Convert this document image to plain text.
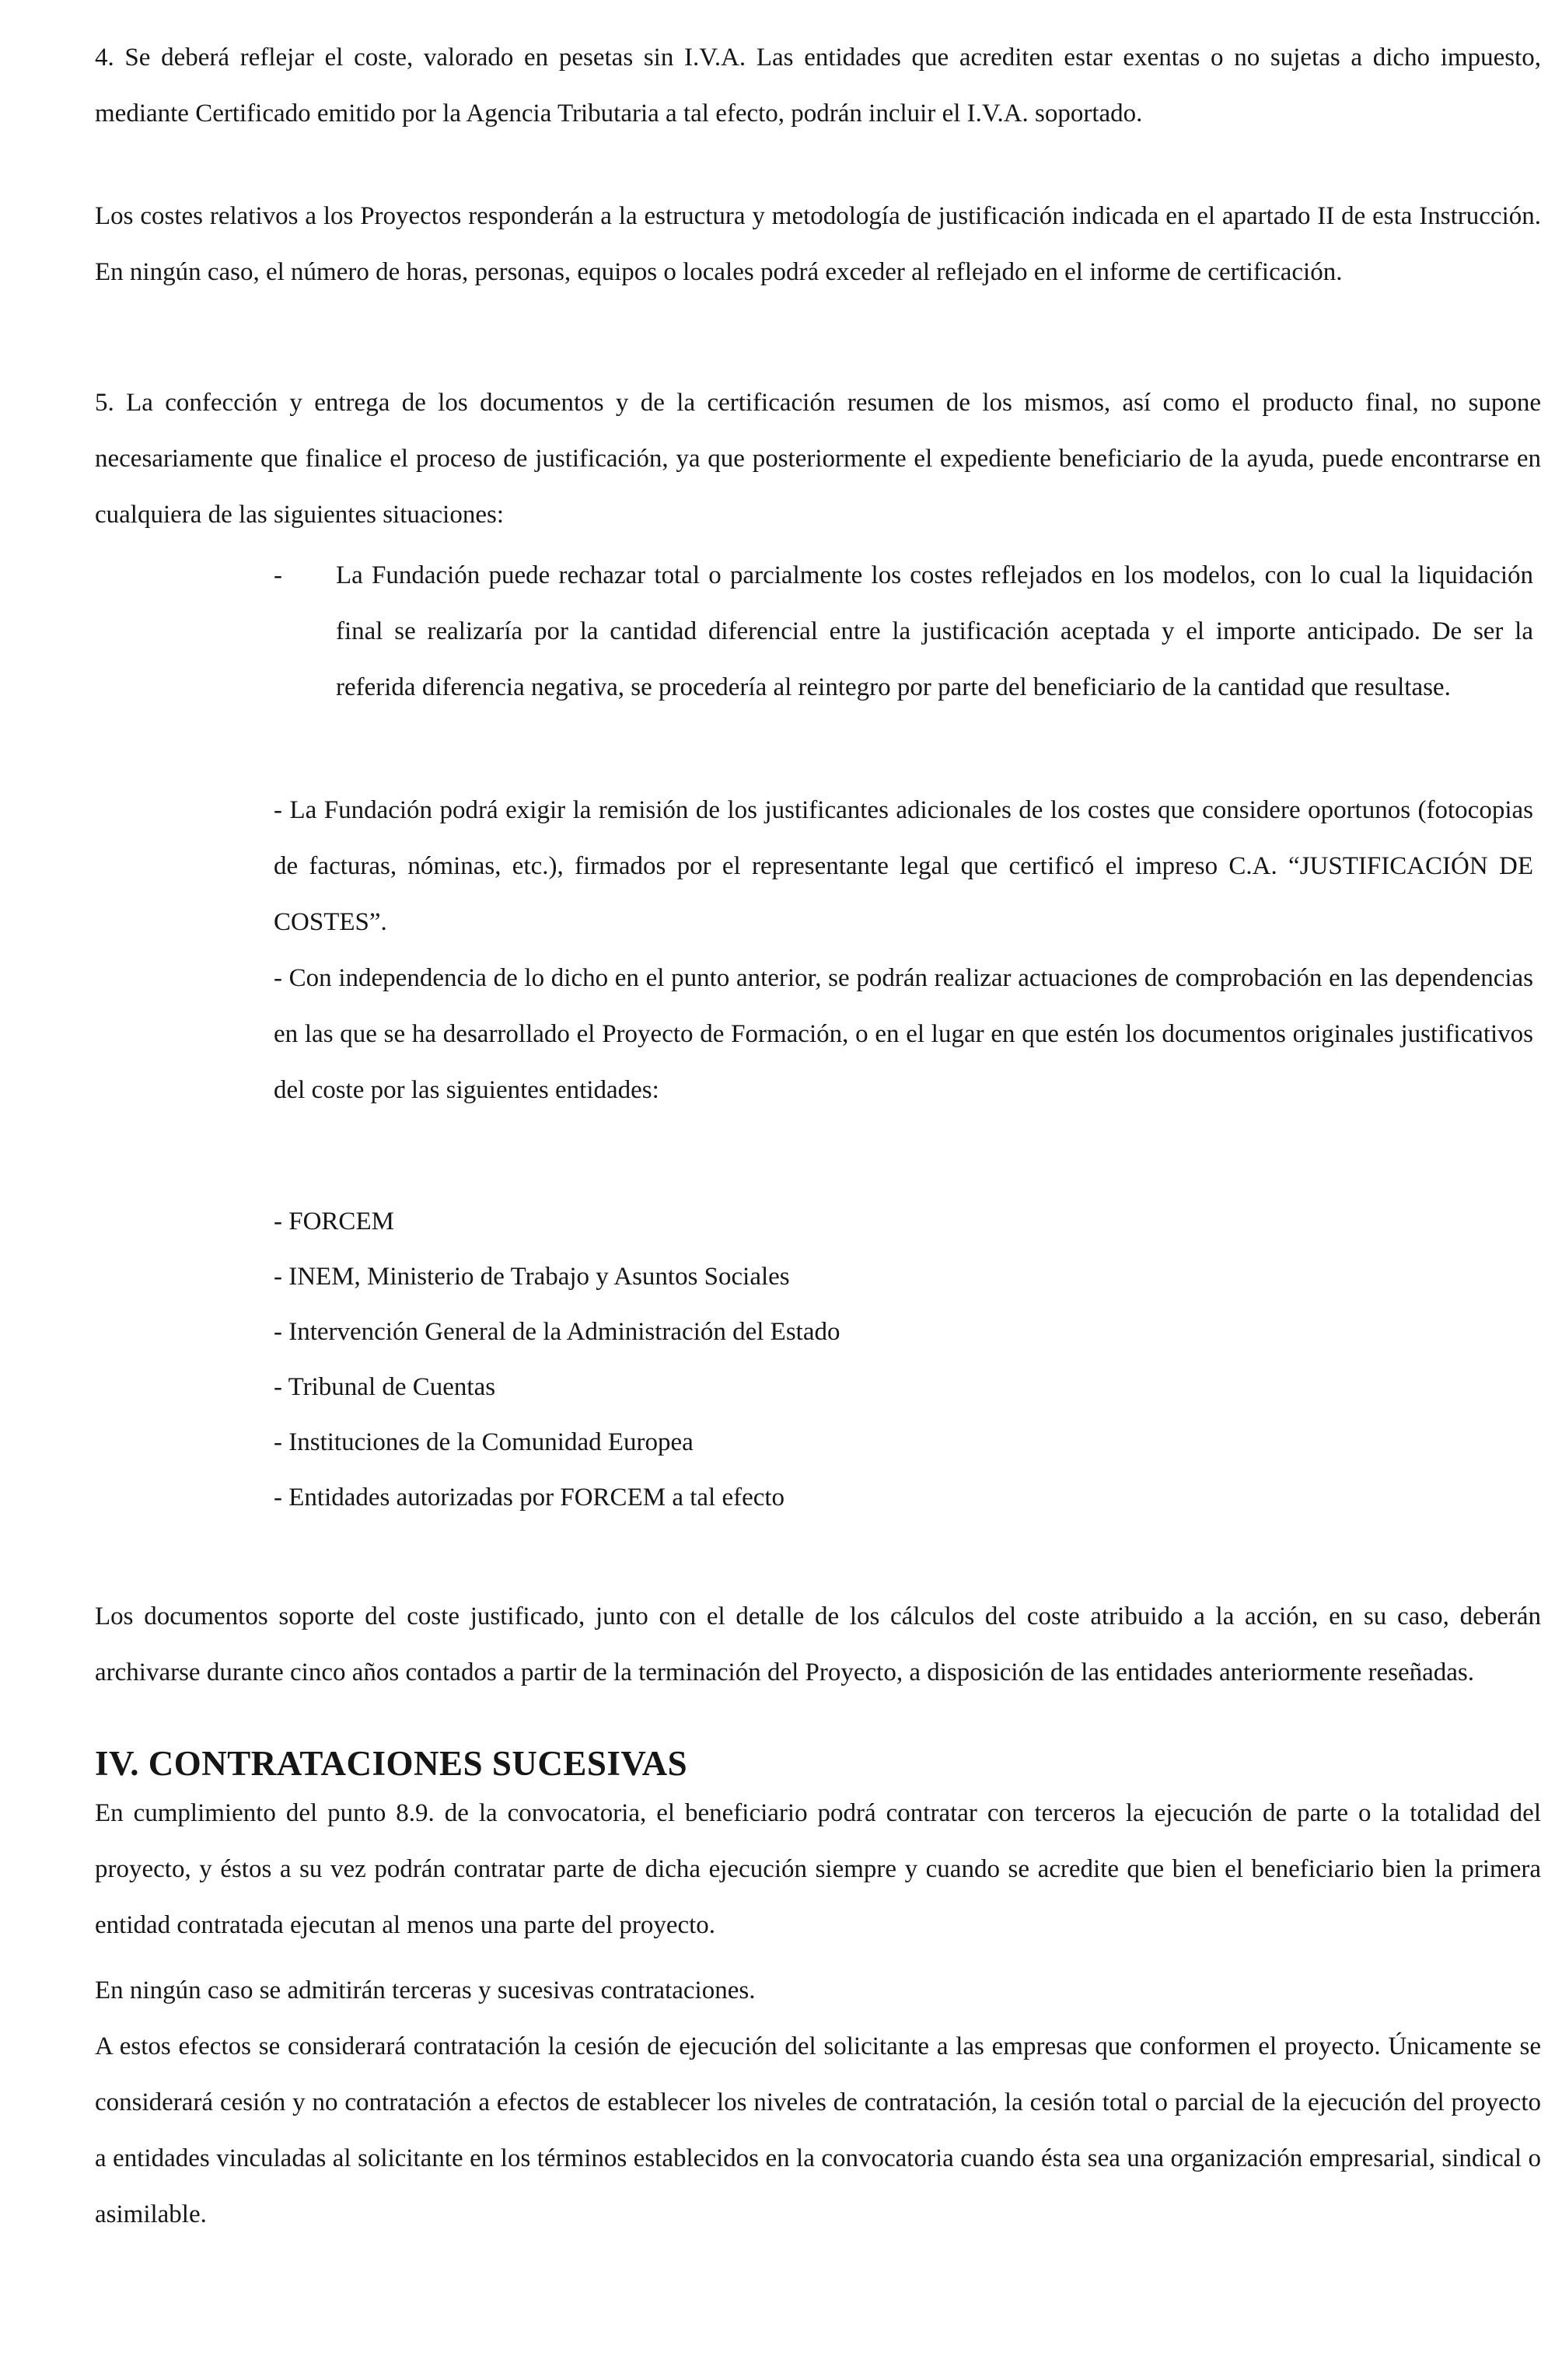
4. Se deberá reflejar el coste, valorado en pesetas sin I.V.A. Las entidades que acrediten estar exentas o no sujetas a dicho impuesto, mediante Certificado emitido por la Agencia Tributaria a tal efecto, podrán incluir el I.V.A. soportado.

Los costes relativos a los Proyectos responderán a la estructura y metodología de justificación indicada en el apartado II de esta Instrucción. En ningún caso, el número de horas, personas, equipos o locales podrá exceder al reflejado en el informe de certificación.

5. La confección y entrega de los documentos y de la certificación resumen de los mismos, así como el producto final, no supone necesariamente que finalice el proceso de justificación, ya que posteriormente el expediente beneficiario de la ayuda, puede encontrarse en cualquiera de las siguientes situaciones:

-	La Fundación puede rechazar total o parcialmente los costes reflejados en los modelos, con lo cual la liquidación final se realizaría por la cantidad diferencial entre la justificación aceptada y el importe anticipado. De ser la referida diferencia negativa, se procedería al reintegro por parte del beneficiario de la cantidad que resultase.

- La Fundación podrá exigir la remisión de los justificantes adicionales de los costes que considere oportunos (fotocopias de facturas, nóminas, etc.), firmados por el representante legal que certificó el impreso C.A. “JUSTIFICACIÓN DE COSTES”.

- Con independencia de lo dicho en el punto anterior, se podrán realizar actuaciones de comprobación en las dependencias en las que se ha desarrollado el Proyecto de Formación, o en el lugar en que estén los documentos originales justificativos del coste por las siguientes entidades:

- FORCEM
- INEM, Ministerio de Trabajo y Asuntos Sociales
- Intervención General de la Administración del Estado
- Tribunal de Cuentas
- Instituciones de la Comunidad Europea
- Entidades autorizadas por FORCEM a tal efecto

Los documentos soporte del coste justificado, junto con el detalle de los cálculos del coste atribuido a la acción, en su caso, deberán archivarse durante cinco años contados a partir de la terminación del Proyecto, a disposición de las entidades anteriormente reseñadas.

IV. CONTRATACIONES SUCESIVAS

En cumplimiento del punto 8.9. de la convocatoria, el beneficiario podrá contratar con terceros la ejecución de parte o la totalidad del proyecto, y éstos a su vez podrán contratar parte de dicha ejecución siempre y cuando se acredite que bien el beneficiario bien la primera entidad contratada ejecutan al menos una parte del proyecto.

En ningún caso se admitirán terceras y sucesivas contrataciones.

A estos efectos se considerará contratación la cesión de ejecución del solicitante a las empresas que conformen el proyecto. Únicamente se considerará cesión y no contratación a efectos de establecer los niveles de contratación, la cesión total o parcial de la ejecución del proyecto a entidades vinculadas al solicitante en los términos establecidos en la convocatoria cuando ésta sea una organización empresarial, sindical o asimilable.
